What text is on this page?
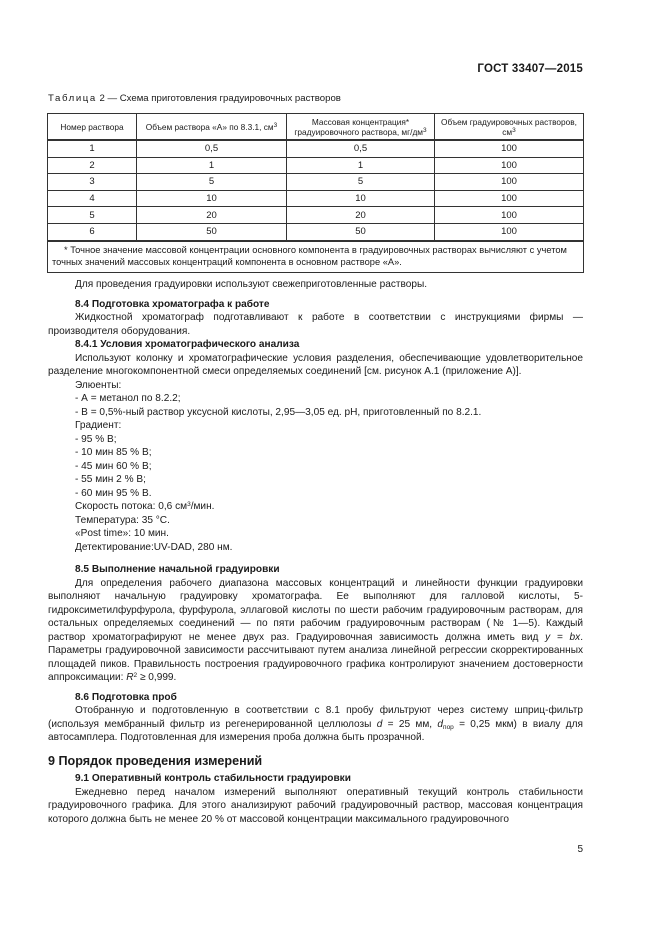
ГОСТ 33407—2015
Таблица 2 — Схема приготовления градуировочных растворов
Номер раствора	Объем раствора «А» по 8.3.1, $см^3$	Массовая концентрация* градуировочного раствора, $мг/дм^3$	Объем градуировочных растворов, $см^3$
1	0,5	0,5	100
2	1	1	100
3	5	5	100
4	10	10	100
5	20	20	100
6	50	50	100
* Точное значение массовой концентрации основного компонента в градуировочных растворах вычисляют с учетом точных значений массовых концентраций компонента в основном растворе «А».			
Для проведения градуировки используют свежеприготовленные растворы.
8.4 Подготовка хроматографа к работе
Жидкостной хроматограф подготавливают к работе в соответствии с инструкциями фирмы — производителя оборудования.
8.4.1 Условия хроматографического анализа
Используют колонку и хроматографические условия разделения, обеспечивающие удовлетворительное разделение многокомпонентной смеси определяемых соединений [см. рисунок А.1 (приложение А)].
Элюенты:
- А = метанол по 8.2.2;
- В = 0,5%-ный раствор уксусной кислоты, 2,95—3,05 ед. рН, приготовленный по 8.2.1.
Градиент:
- 95 % В;
- 10 мин 85 % В;
- 45 мин 60 % В;
- 55 мин 2 % В;
- 60 мин 95 % В.
Скорость потока: 0,6 $см^3$/мин.
Температура: 35 °С.
«Post time»: 10 мин.
Детектирование:UV-DAD, 280 нм.
8.5 Выполнение начальной градуировки
Для определения рабочего диапазона массовых концентраций и линейности функции градуировки выполняют начальную градуировку хроматографа. Ее выполняют для галловой кислоты, 5-гидроксиметилфурфурола, фурфурола, эллаговой кислоты по шести рабочим градуировочным растворам, для остальных определяемых соединений — по пяти рабочим градуировочным растворам (№ 1—5). Каждый раствор хроматографируют не менее двух раз. Градуировочная зависимость должна иметь вид y = bx. Параметры градуировочной зависимости рассчитывают путем анализа линейной регрессии скорректированных площадей пиков. Правильность построения градуировочного графика контролируют значением достоверности аппроксимации: $R^2 \ge 0,999$.
8.6 Подготовка проб
Отобранную и подготовленную в соответствии с 8.1 пробу фильтруют через систему шприц-фильтр (используя мембранный фильтр из регенерированной целлюлозы d = 25 мм, $d_{пор} = 0,25$ мкм) в виалу для автосамплера. Подготовленная для измерения проба должна быть прозрачной.
9 Порядок проведения измерений
9.1 Оперативный контроль стабильности градуировки
Ежедневно перед началом измерений выполняют оперативный текущий контроль стабильности градуировочного графика. Для этого анализируют рабочий градуировочный раствор, массовая концентрация которого должна быть не менее 20 % от массовой концентрации максимального градуировочного
5
